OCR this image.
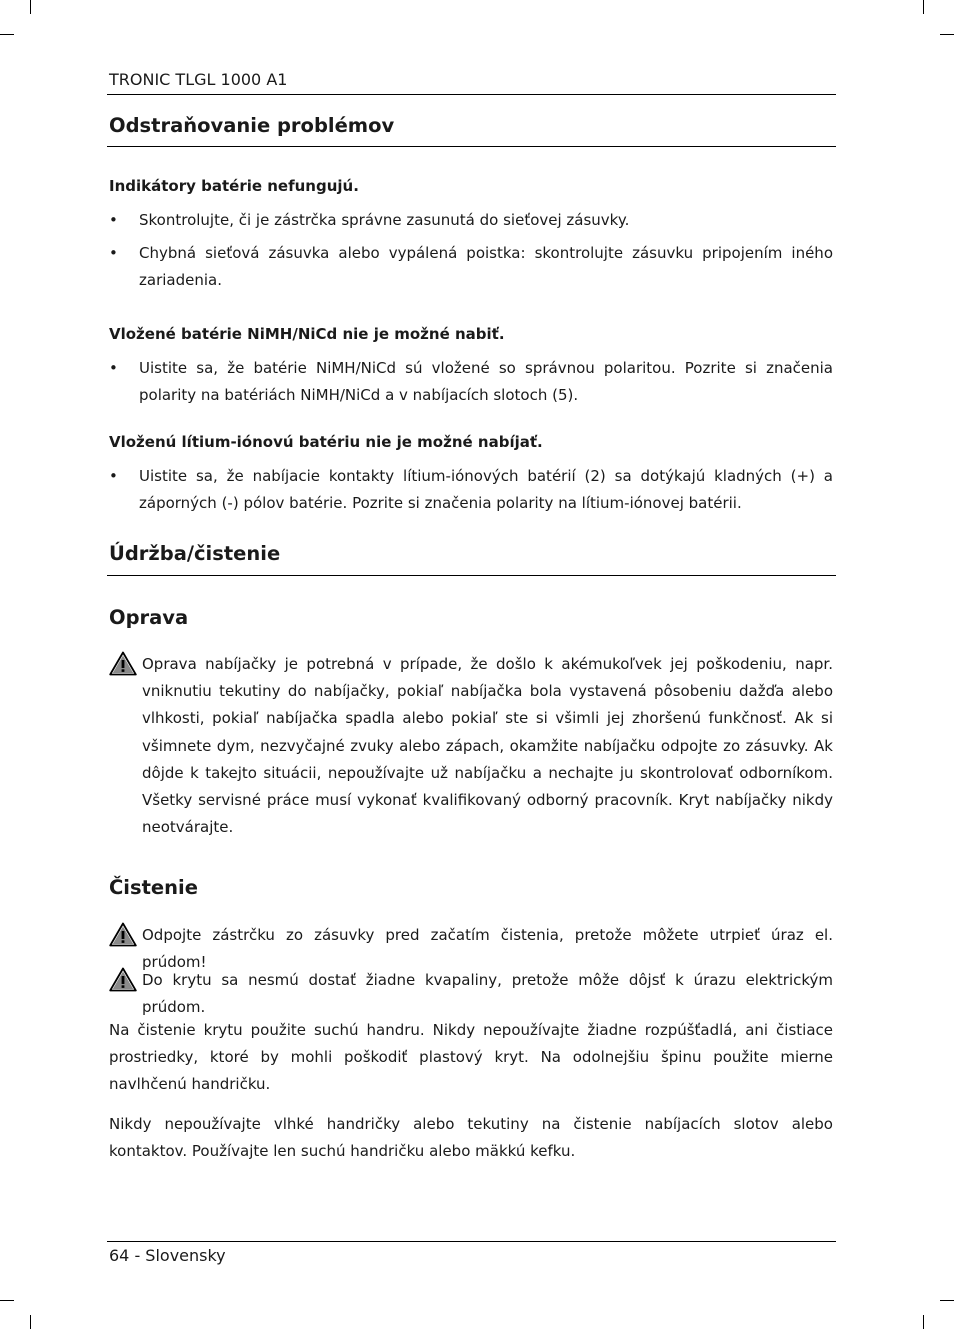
TRONIC TLGL 1000 A1
Odstraňovanie problémov
Indikátory batérie nefungujú.
• Skontrolujte, či je zástrčka správne zasunutá do sieťovej zásuvky.
• Chybná sieťová zásuvka alebo vypálená poistka: skontrolujte zásuvku pripojením iného zariadenia.
Vložené batérie NiMH/NiCd nie je možné nabiť.
• Uistite sa, že batérie NiMH/NiCd sú vložené so správnou polaritou. Pozrite si značenia polarity na batériách NiMH/NiCd a v nabíjacích slotoch (5).
Vloženú lítium-iónovú batériu nie je možné nabíjať.
• Uistite sa, že nabíjacie kontakty lítium-iónových batérií (2) sa dotýkajú kladných (+) a záporných (-) pólov batérie. Pozrite si značenia polarity na lítium-iónovej batérii.
Údržba/čistenie
Oprava
Oprava nabíjačky je potrebná v prípade, že došlo k akémukoľvek jej poškodeniu, napr. vniknutiu tekutiny do nabíjačky, pokiaľ nabíjačka bola vystavená pôsobeniu dažďa alebo vlhkosti, pokiaľ nabíjačka spadla alebo pokiaľ ste si všimli jej zhoršenú funkčnosť. Ak si všimnete dym, nezvyčajné zvuky alebo zápach, okamžite nabíjačku odpojte zo zásuvky. Ak dôjde k takejto situácii, nepoužívajte už nabíjačku a nechajte ju skontrolovať odborníkom. Všetky servisné práce musí vykonať kvalifikovaný odborný pracovník. Kryt nabíjačky nikdy neotvárajte.
Čistenie
Odpojte zástrčku zo zásuvky pred začatím čistenia, pretože môžete utrpieť úraz el. prúdom!
Do krytu sa nesmú dostať žiadne kvapaliny, pretože môže dôjsť k úrazu elektrickým prúdom.
Na čistenie krytu použite suchú handru. Nikdy nepoužívajte žiadne rozpúšťadlá, ani čistiace prostriedky, ktoré by mohli poškodiť plastový kryt. Na odolnejšiu špinu použite mierne navlhčenú handričku.
Nikdy nepoužívajte vlhké handričky alebo tekutiny na čistenie nabíjacích slotov alebo kontaktov. Používajte len suchú handričku alebo mäkkú kefku.
64 - Slovensky
